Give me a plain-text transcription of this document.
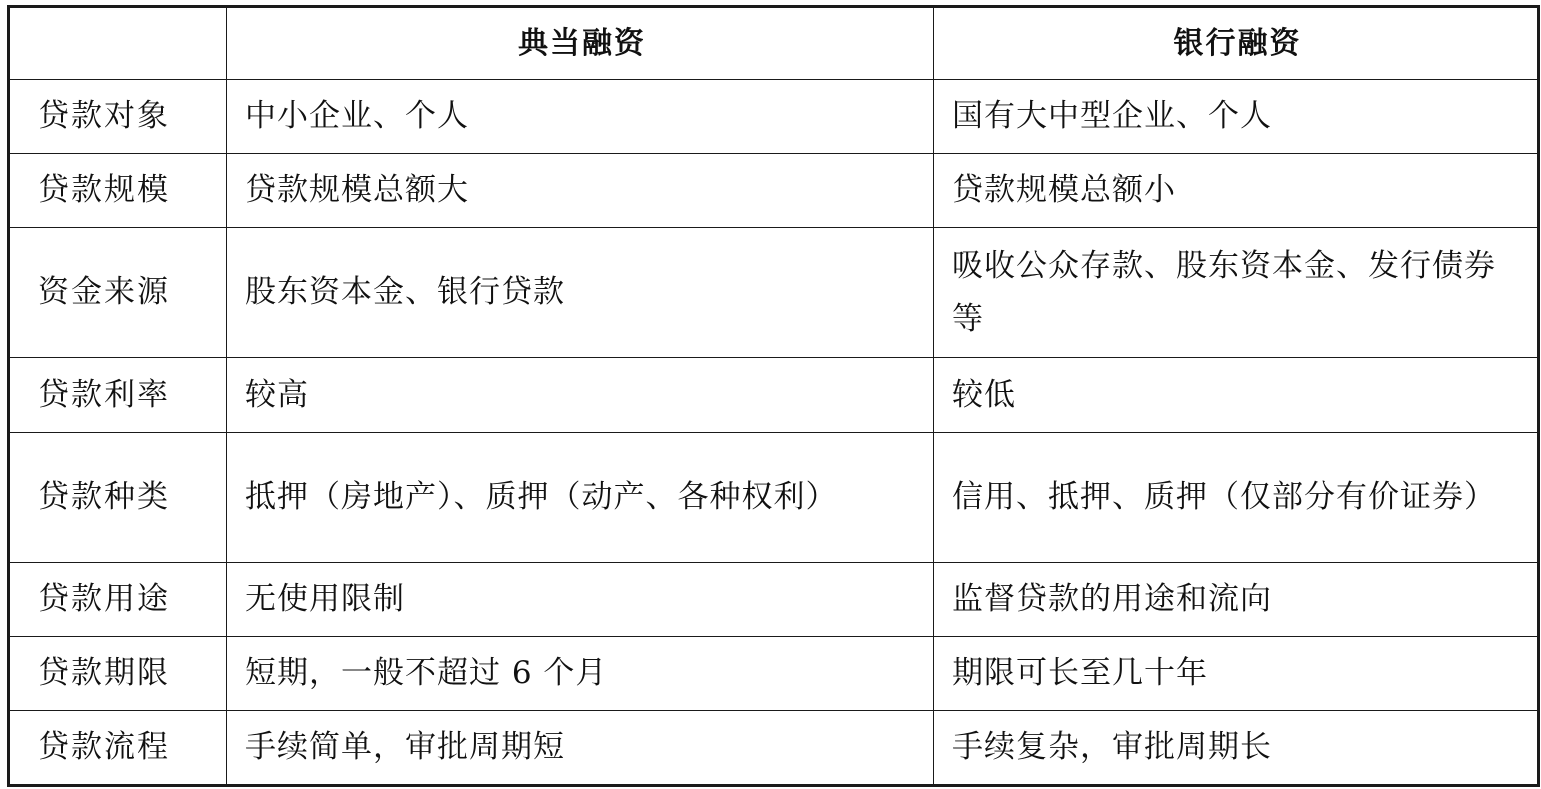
	典当融资	银行融资
贷款对象	中小企业、个人	国有大中型企业、个人
贷款规模	贷款规模总额大	贷款规模总额小
资金来源	股东资本金、银行贷款	吸收公众存款、股东资本金、发行债券等
贷款利率	较高	较低
贷款种类	抵押（房地产）、质押（动产、各种权利）	信用、抵押、质押（仅部分有价证券）
贷款用途	无使用限制	监督贷款的用途和流向
贷款期限	短期，一般不超过 6 个月	期限可长至几十年
贷款流程	手续简单，审批周期短	手续复杂，审批周期长
